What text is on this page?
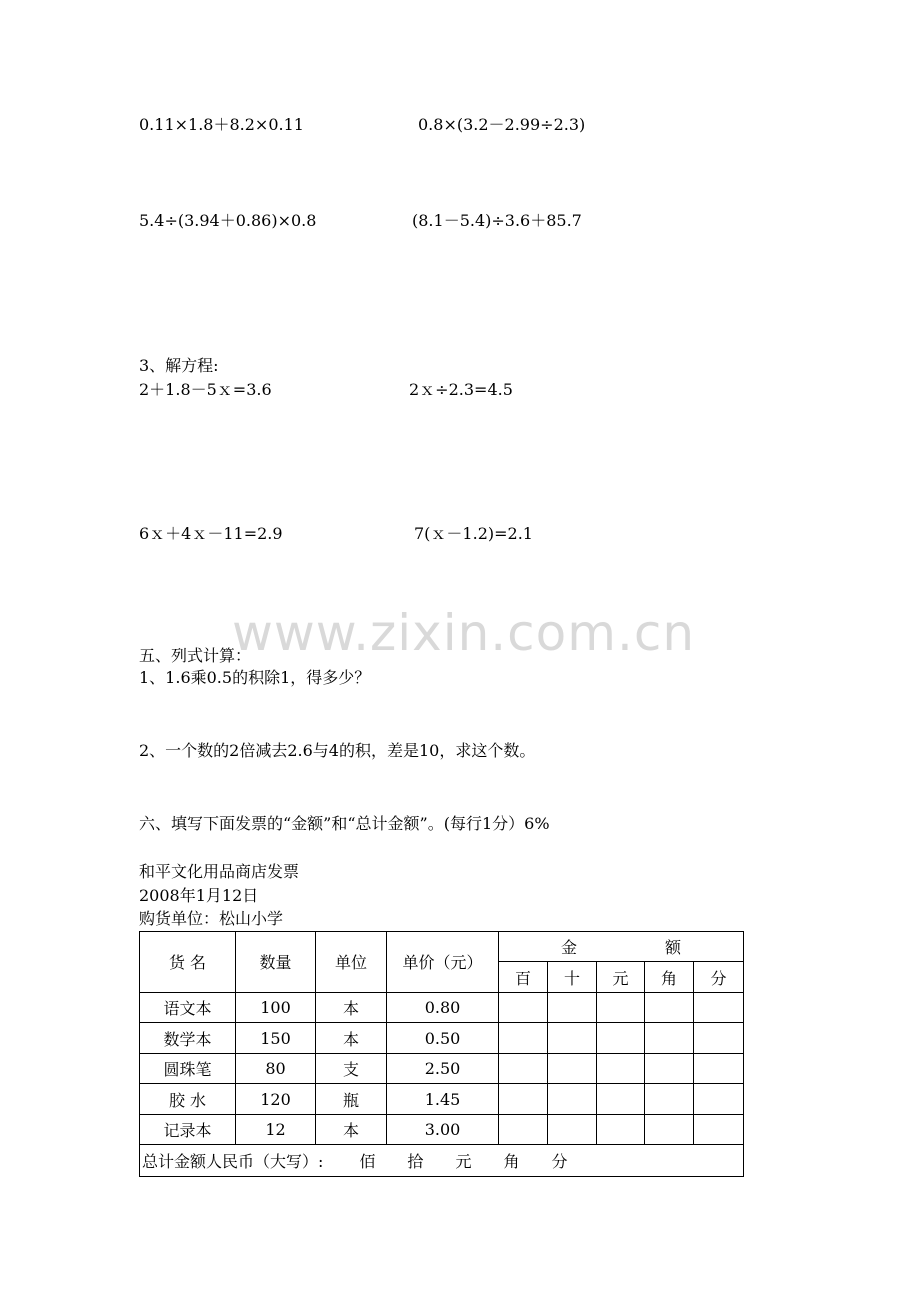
www.zixin.com.cn
0.11×1.8＋8.2×0.11	0.8×(3.2－2.99÷2.3)
5.4÷(3.94＋0.86)×0.8	(8.1－5.4)÷3.6＋85.7
3、解方程:
2＋1.8－5ｘ=3.6	2ｘ÷2.3=4.5
6ｘ＋4ｘ－11=2.9	7(ｘ－1.2)=2.1
五、列式计算：
1、1.6乘0.5的积除1，得多少？
2、一个数的2倍减去2.6与4的积，差是10，求这个数。
六、填写下面发票的“金额”和“总计金额”。(每行1分）6%
和平文化用品商店发票
2008年1月12日
购货单位：松山小学
货 名	数量	单位	单价（元）	金 额				
				百	十	元	角	分
语文本	100	本	0.80					
数学本	150	本	0.50					
圆珠笔	80	支	2.50					
胶 水	120	瓶	1.45					
记录本	12	本	3.00					
总计金额人民币（大写）: 佰 拾 元 角 分								
